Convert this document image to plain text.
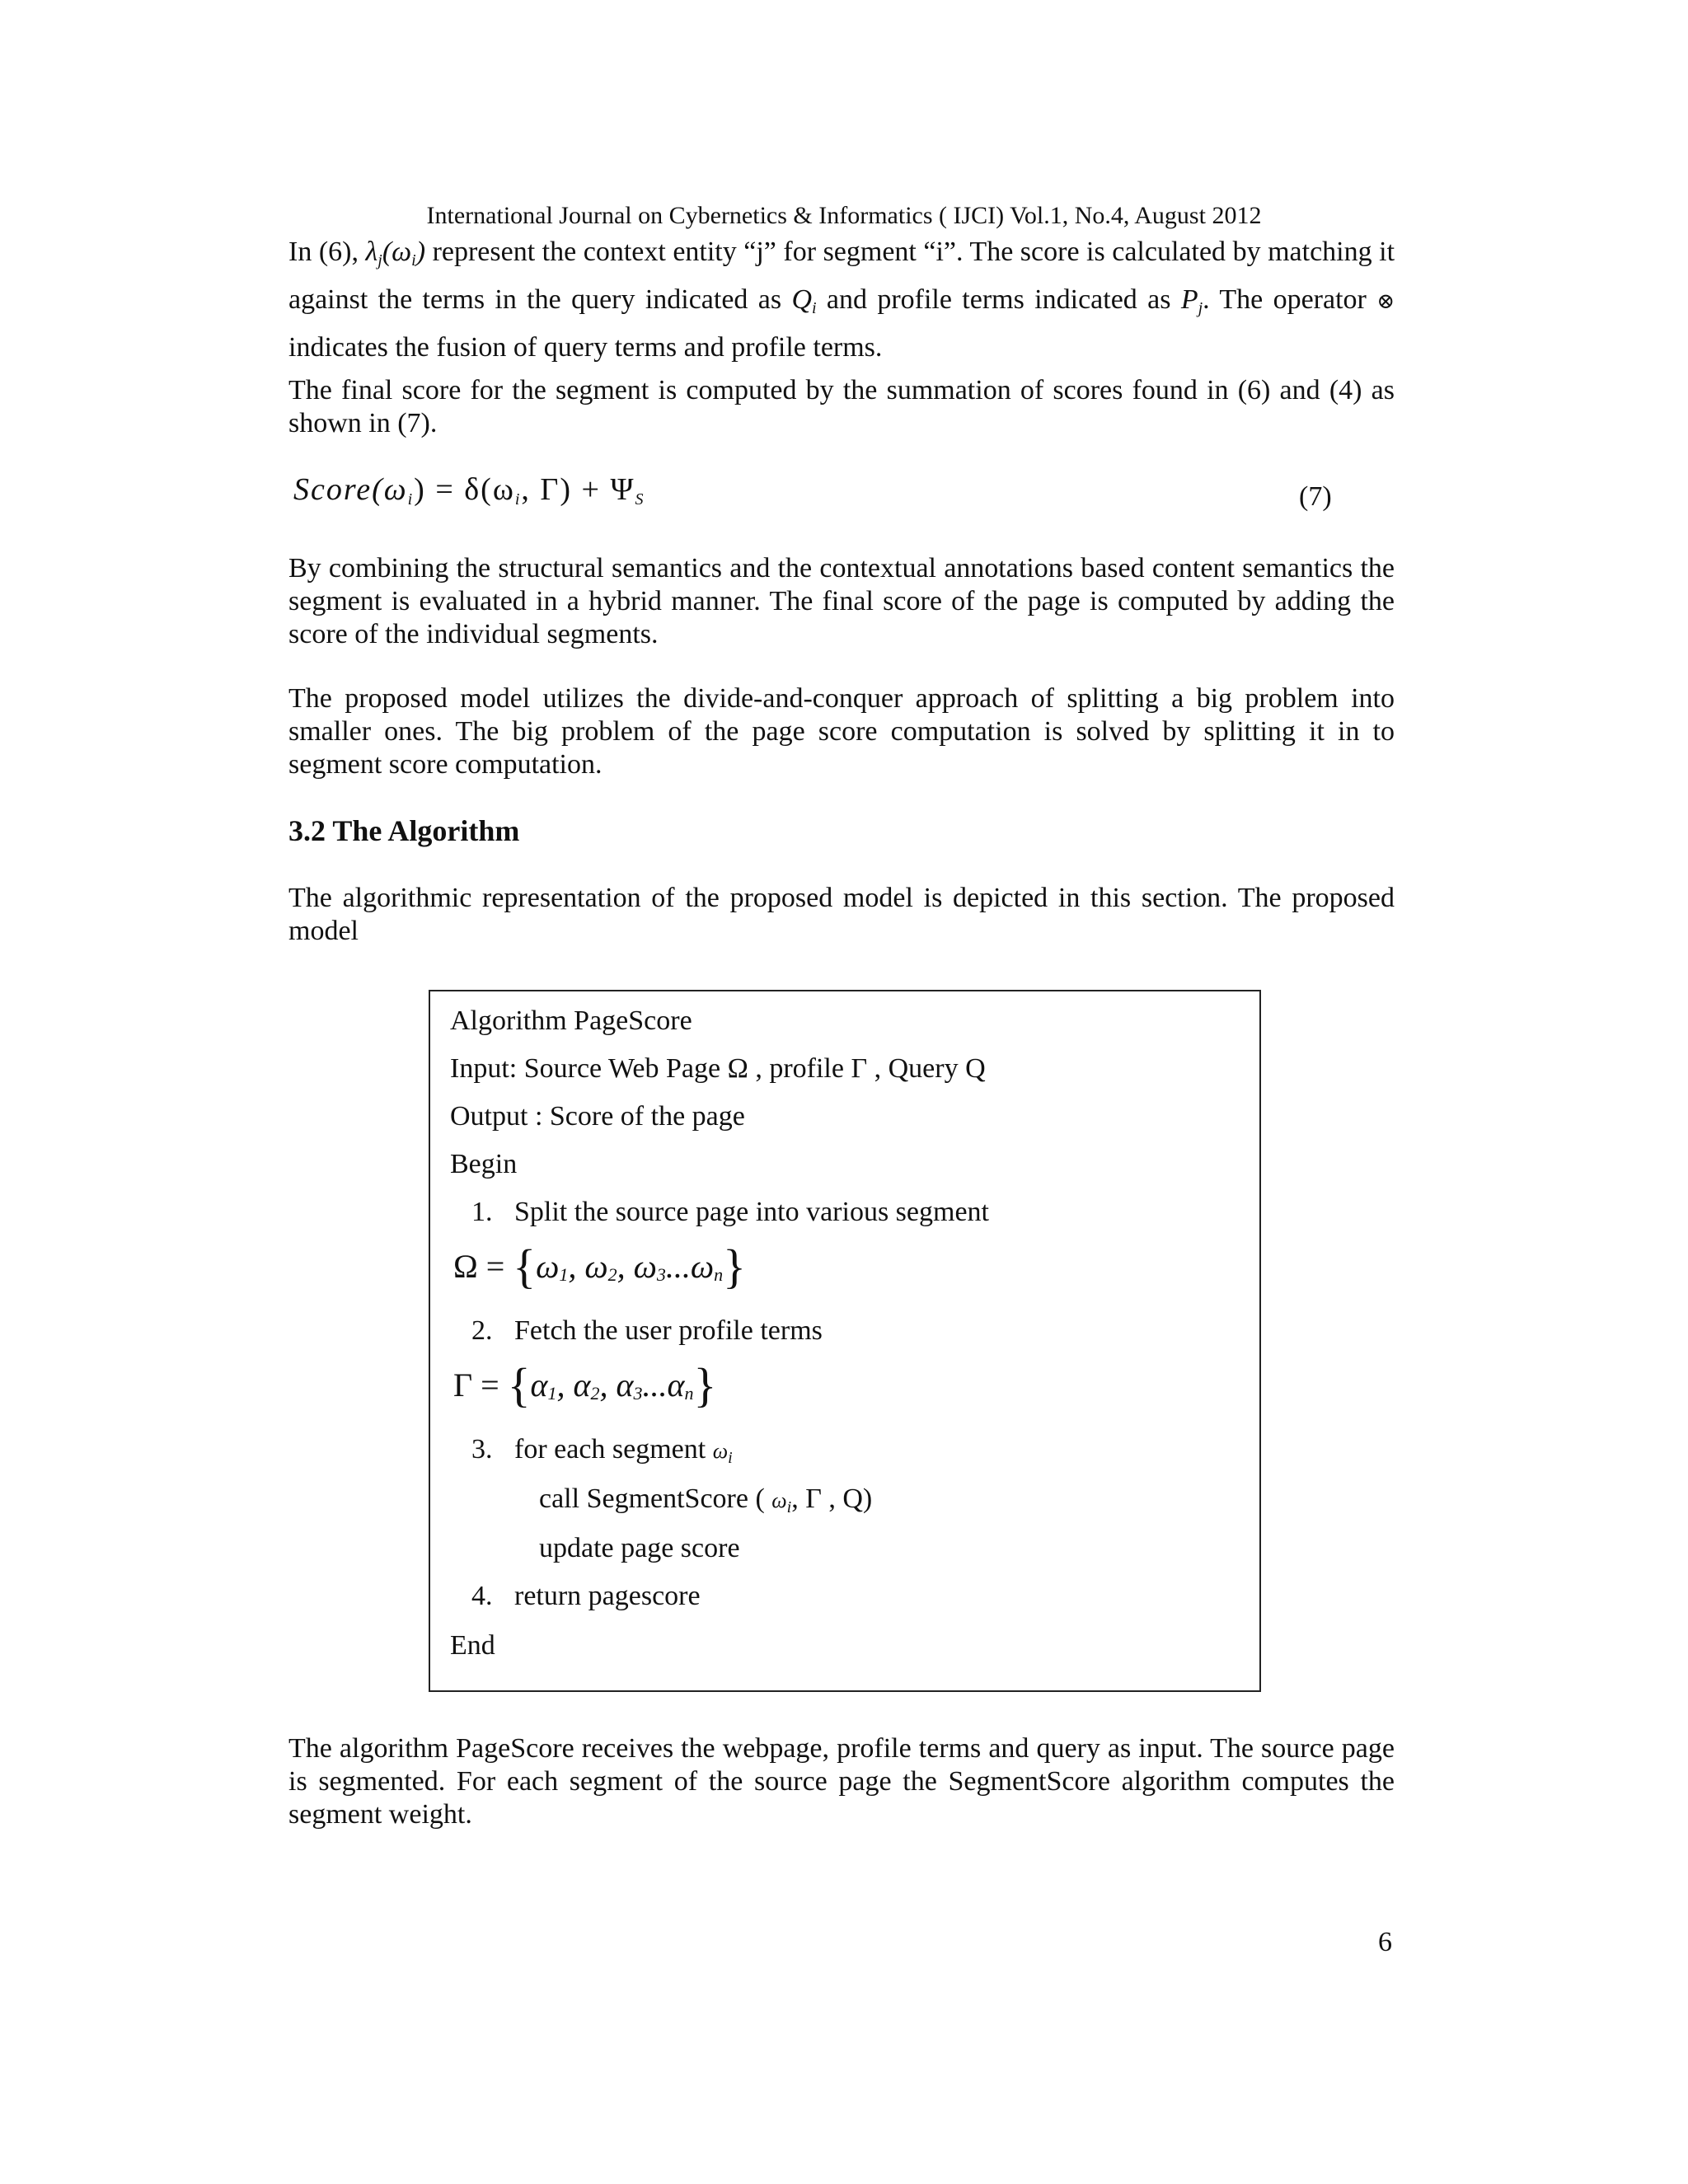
International Journal on Cybernetics & Informatics ( IJCI) Vol.1, No.4, August 2012

In (6), $\lambda_j(\omega_i)$ represent the context entity “j” for segment “i”. The score is calculated by matching it against the terms in the query indicated as $Q_i$ and profile terms indicated as $P_j$. The operator ⊗ indicates the fusion of query terms and profile terms.

The final score for the segment is computed by the summation of scores found in (6) and (4) as shown in (7).

$Score(\omega_i) = \delta(\omega_i$, $\Gamma) + \Psi_S$	(7)

By combining the structural semantics and the contextual annotations based content semantics the segment is evaluated in a hybrid manner. The final score of the page is computed by adding the score of the individual segments.

The proposed model utilizes the divide-and-conquer approach of splitting a big problem into smaller ones. The big problem of the page score computation is solved by splitting it in to segment score computation.

3.2 The Algorithm

The algorithmic representation of the proposed model is depicted in this section. The proposed model

Algorithm PageScore
Input: Source Web Page Ω , profile Γ , Query Q
Output : Score of the page
Begin
1. Split the source page into various segment
Ω = {ω1, ω2, ω3...ωn}
2. Fetch the user profile terms
Γ = {α1, α2, α3...αn}
3. for each segment $\omega_i$
call SegmentScore ( $\omega_i$, Γ , Q)
update page score
4. return pagescore
End

The algorithm PageScore receives the webpage, profile terms and query as input. The source page is segmented. For each segment of the source page the SegmentScore algorithm computes the segment weight.

6
